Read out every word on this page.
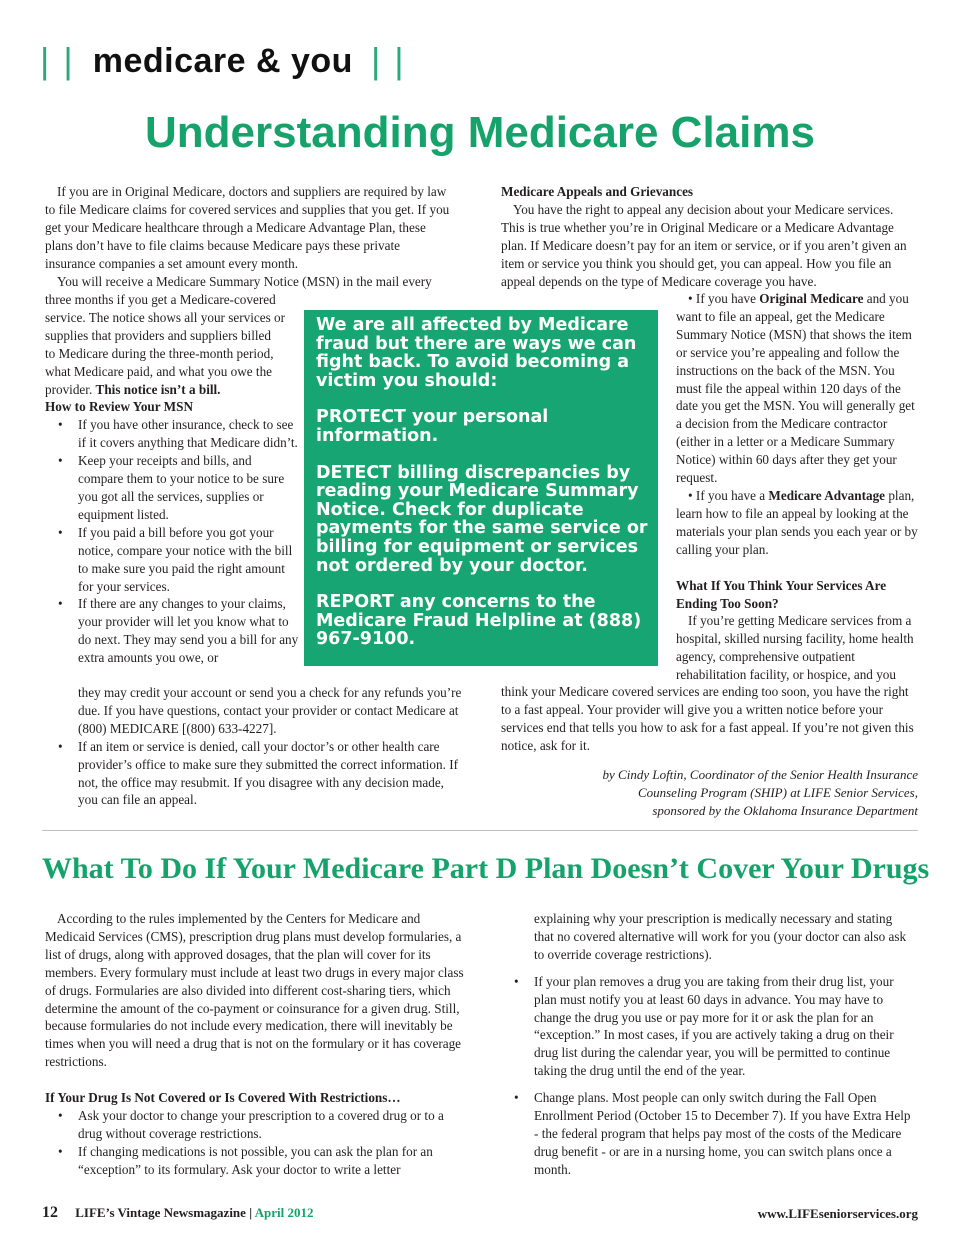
| | medicare & you | |
Understanding Medicare Claims

If you are in Original Medicare, doctors and suppliers are required by law to file Medicare claims for covered services and supplies that you get. If you get your Medicare healthcare through a Medicare Advantage Plan, these plans don’t have to file claims because Medicare pays these private insurance companies a set amount every month.

You will receive a Medicare Summary Notice (MSN) in the mail every

three months if you get a Medicare-covered

service. The notice shows all your services or

supplies that providers and suppliers billed

to Medicare during the three-month period,

what Medicare paid, and what you owe the

provider. This notice isn’t a bill.

How to Review Your MSN

• If you have other insurance, check to see if it covers anything that Medicare didn’t.
• Keep your receipts and bills, and compare them to your notice to be sure you got all the services, supplies or equipment listed.
• If you paid a bill before you got your notice, compare your notice with the bill to make sure you paid the right amount for your services.
• If there are any changes to your claims, your provider will let you know what to do next. They may send you a bill for any extra amounts you owe, or
they may credit your account or send you a check for any refunds you’re due. If you have questions, contact your provider or contact Medicare at (800) MEDICARE [(800) 633-4227].
• If an item or service is denied, call your doctor’s or other health care provider’s office to make sure they submitted the correct information. If not, the office may resubmit. If you disagree with any decision made, you can file an appeal.

We are all affected by Medicare fraud but there are ways we can fight back. To avoid becoming a victim you should:

PROTECT your personal information.

DETECT billing discrepancies by reading your Medicare Summary Notice. Check for duplicate payments for the same service or billing for equipment or services not ordered by your doctor.

REPORT any concerns to the Medicare Fraud Helpline at (888) 967-9100.

Medicare Appeals and Grievances

You have the right to appeal any decision about your Medicare services. This is true whether you’re in Original Medicare or a Medicare Advantage plan. If Medicare doesn’t pay for an item or service, or if you aren’t given an item or service you think you should get, you can appeal. How you file an appeal depends on the type of Medicare coverage you have.

• If you have Original Medicare and you want to file an appeal, get the Medicare Summary Notice (MSN) that shows the item or service you’re appealing and follow the instructions on the back of the MSN. You must file the appeal within 120 days of the date you get the MSN. You will generally get a decision from the Medicare contractor (either in a letter or a Medicare Summary Notice) within 60 days after they get your request.

• If you have a Medicare Advantage plan, learn how to file an appeal by looking at the materials your plan sends you each year or by calling your plan.

What If You Think Your Services Are Ending Too Soon?

If you’re getting Medicare services from a hospital, skilled nursing facility, home health agency, comprehensive outpatient rehabilitation facility, or hospice, and you

think your Medicare covered services are ending too soon, you have the right to a fast appeal. Your provider will give you a written notice before your services end that tells you how to ask for a fast appeal. If you’re not given this notice, ask for it.

by Cindy Loftin, Coordinator of the Senior Health Insurance
Counseling Program (SHIP) at LIFE Senior Services,
sponsored by the Oklahoma Insurance Department
What To Do If Your Medicare Part D Plan Doesn’t Cover Your Drugs

According to the rules implemented by the Centers for Medicare and Medicaid Services (CMS), prescription drug plans must develop formularies, a list of drugs, along with approved dosages, that the plan will cover for its members. Every formulary must include at least two drugs in every major class of drugs. Formularies are also divided into different cost-sharing tiers, which determine the amount of the co-payment or coinsurance for a given drug. Still, because formularies do not include every medication, there will inevitably be times when you will need a drug that is not on the formulary or it has coverage restrictions.

If Your Drug Is Not Covered or Is Covered With Restrictions…

• Ask your doctor to change your prescription to a covered drug or to a drug without coverage restrictions.
• If changing medications is not possible, you can ask the plan for an “exception” to its formulary. Ask your doctor to write a letter
explaining why your prescription is medically necessary and stating that no covered alternative will work for you (your doctor can also ask to override coverage restrictions).
• If your plan removes a drug you are taking from their drug list, your plan must notify you at least 60 days in advance. You may have to change the drug you use or pay more for it or ask the plan for an “exception.” In most cases, if you are actively taking a drug on their drug list during the calendar year, you will be permitted to continue taking the drug until the end of the year.
• Change plans. Most people can only switch during the Fall Open Enrollment Period (October 15 to December 7). If you have Extra Help - the federal program that helps pay most of the costs of the Medicare drug benefit - or are in a nursing home, you can switch plans once a month.
12 LIFE’s Vintage Newsmagazine | April 2012	www.LIFEseniorservices.org
